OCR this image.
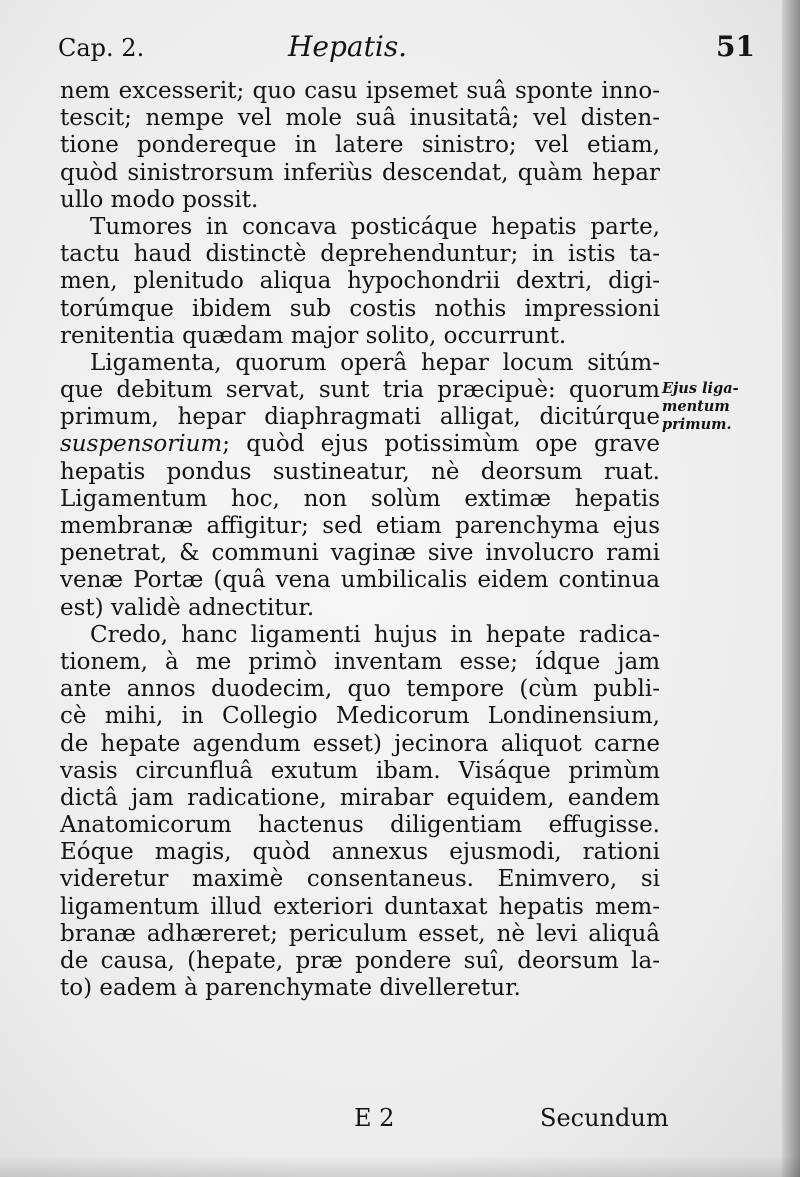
Cap. 2.	Hepatis.	51
nem excesserit; quo casu ipsemet suâ sponte inno-
tescit; nempe vel mole suâ inusitatâ; vel disten-
tione pondereque in latere sinistro; vel etiam,
quòd sinistrorsum inferiùs descendat, quàm hepar
ullo modo possit.
Tumores in concava posticáque hepatis parte,
tactu haud distinctè deprehenduntur; in istis ta-
men, plenitudo aliqua hypochondrii dextri, digi-
torúmque ibidem sub costis nothis impressioni
renitentia quædam major solito, occurrunt.
Ligamenta, quorum operâ hepar locum sitúm-
que debitum servat, sunt tria præcipuè: quorum
primum, hepar diaphragmati alligat, dicitúrque
suspensorium; quòd ejus potissimùm ope grave
hepatis pondus sustineatur, nè deorsum ruat.
Ligamentum hoc, non solùm extimæ hepatis
membranæ affigitur; sed etiam parenchyma ejus
penetrat, & communi vaginæ sive involucro rami
venæ Portæ (quâ vena umbilicalis eidem continua
est) validè adnectitur.
Credo, hanc ligamenti hujus in hepate radica-
tionem, à me primò inventam esse; ídque jam
ante annos duodecim, quo tempore (cùm publi-
cè mihi, in Collegio Medicorum Londinensium,
de hepate agendum esset) jecinora aliquot carne
vasis circunfluâ exutum ibam. Visáque primùm
dictâ jam radicatione, mirabar equidem, eandem
Anatomicorum hactenus diligentiam effugisse.
Eóque magis, quòd annexus ejusmodi, rationi
videretur maximè consentaneus. Enimvero, si
ligamentum illud exteriori duntaxat hepatis mem-
branæ adhæreret; periculum esset, nè levi aliquâ
de causa, (hepate, præ pondere suî, deorsum la-
to) eadem à parenchymate divelleretur.
Ejus liga-
mentum
primum.
E 2	Secundum
